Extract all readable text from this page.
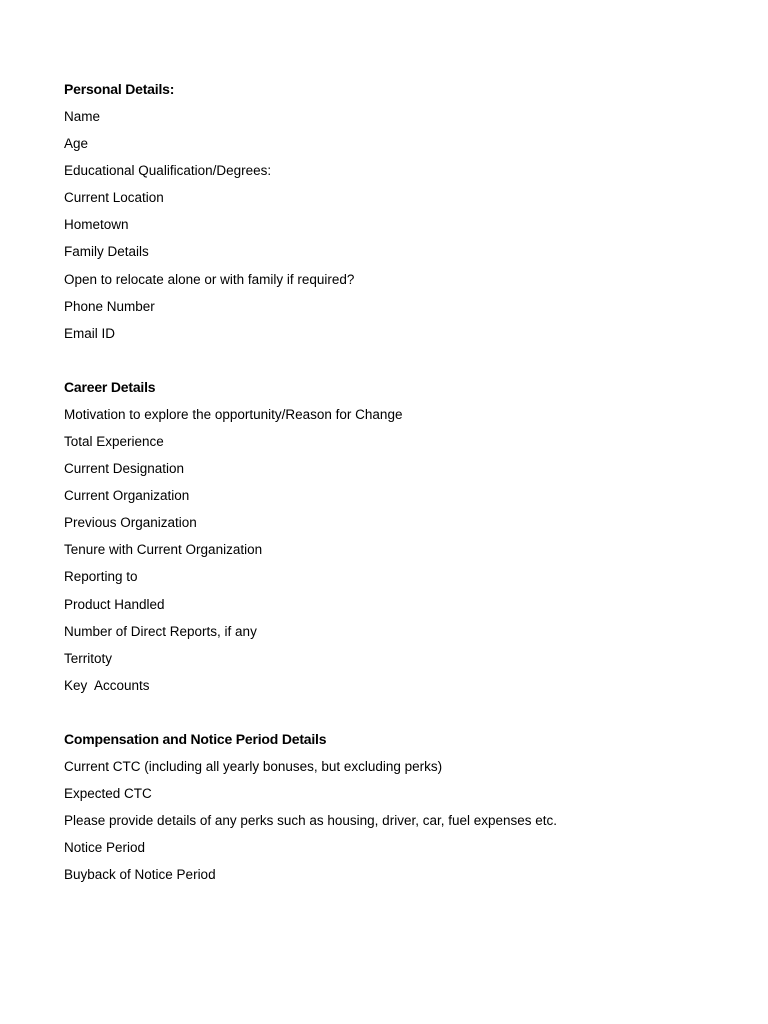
Personal Details:
Name
Age
Educational Qualification/Degrees:
Current Location
Hometown
Family Details
Open to relocate alone or with family if required?
Phone Number
Email ID
Career Details
Motivation to explore the opportunity/Reason for Change
Total Experience
Current Designation
Current Organization
Previous Organization
Tenure with Current Organization
Reporting to
Product Handled
Number of Direct Reports, if any
Territoty
Key  Accounts
Compensation and Notice Period Details
Current CTC (including all yearly bonuses, but excluding perks)
Expected CTC
Please provide details of any perks such as housing, driver, car, fuel expenses etc.
Notice Period
Buyback of Notice Period
